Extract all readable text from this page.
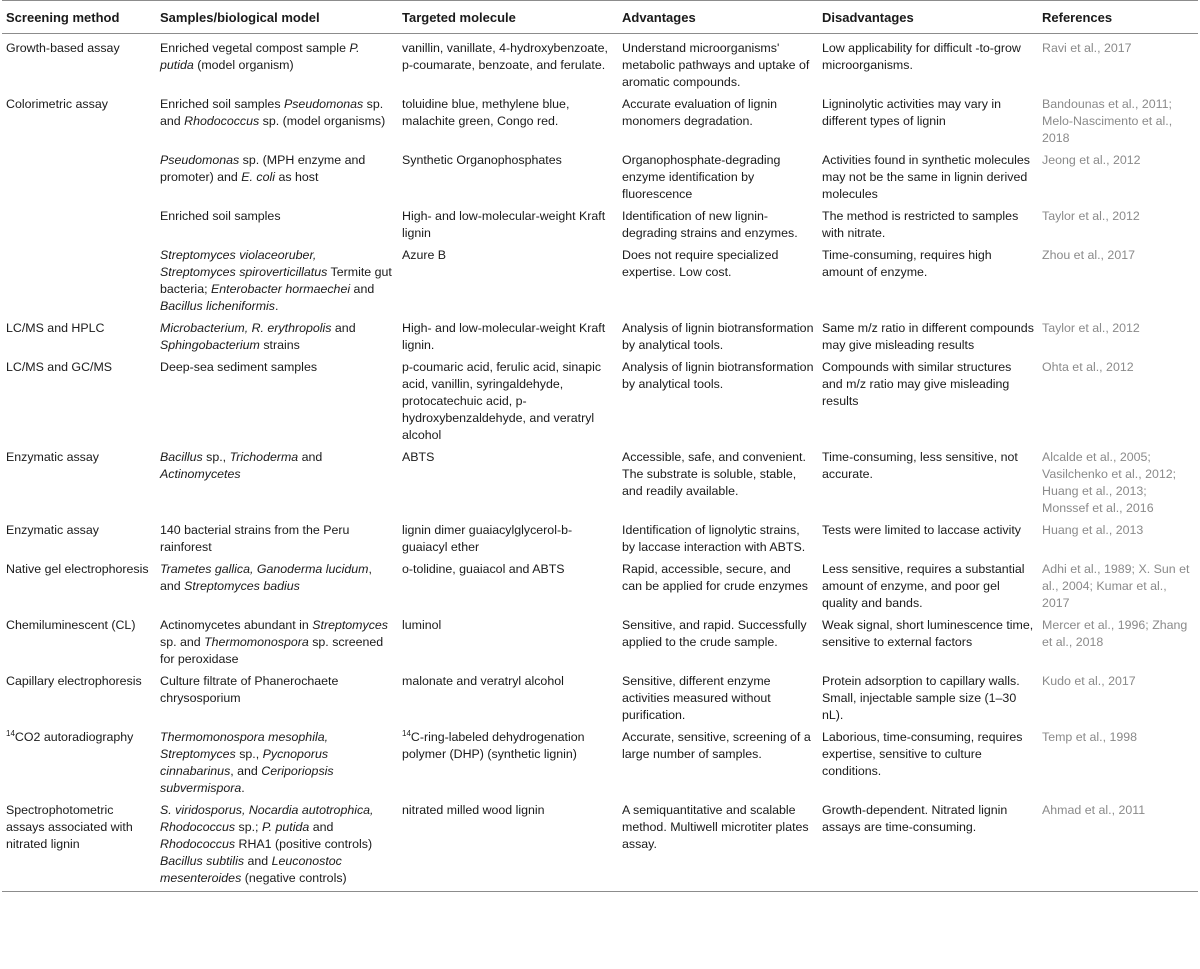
Screening method	Samples/biological model	Targeted molecule	Advantages	Disadvantages	References
Growth-based assay	Enriched vegetal compost sample P. putida (model organism)	vanillin, vanillate, 4-hydroxybenzoate, p-coumarate, benzoate, and ferulate.	Understand microorganisms' metabolic pathways and uptake of aromatic compounds.	Low applicability for difficult -to-grow microorganisms.	Ravi et al., 2017
Colorimetric assay	Enriched soil samples Pseudomonas sp. and Rhodococcus sp. (model organisms)	toluidine blue, methylene blue, malachite green, Congo red.	Accurate evaluation of lignin monomers degradation.	Ligninolytic activities may vary in different types of lignin	Bandounas et al., 2011; Melo-Nascimento et al., 2018
	Pseudomonas sp. (MPH enzyme and promoter) and E. coli as host	Synthetic Organophosphates	Organophosphate-degrading enzyme identification by fluorescence	Activities found in synthetic molecules may not be the same in lignin derived molecules	Jeong et al., 2012
	Enriched soil samples	High- and low-molecular-weight Kraft lignin	Identification of new lignin-degrading strains and enzymes.	The method is restricted to samples with nitrate.	Taylor et al., 2012
	Streptomyces violaceoruber, Streptomyces spiroverticillatus Termite gut bacteria; Enterobacter hormaechei and Bacillus licheniformis.	Azure B	Does not require specialized expertise. Low cost.	Time-consuming, requires high amount of enzyme.	Zhou et al., 2017
LC/MS and HPLC	Microbacterium, R. erythropolis and Sphingobacterium strains	High- and low-molecular-weight Kraft lignin.	Analysis of lignin biotransformation by analytical tools.	Same m/z ratio in different compounds may give misleading results	Taylor et al., 2012
LC/MS and GC/MS	Deep-sea sediment samples	p-coumaric acid, ferulic acid, sinapic acid, vanillin, syringaldehyde, protocatechuic acid, p-hydroxybenzaldehyde, and veratryl alcohol	Analysis of lignin biotransformation by analytical tools.	Compounds with similar structures and m/z ratio may give misleading results	Ohta et al., 2012
Enzymatic assay	Bacillus sp., Trichoderma and Actinomycetes	ABTS	Accessible, safe, and convenient. The substrate is soluble, stable, and readily available.	Time-consuming, less sensitive, not accurate.	Alcalde et al., 2005; Vasilchenko et al., 2012; Huang et al., 2013; Monssef et al., 2016
Enzymatic assay	140 bacterial strains from the Peru rainforest	lignin dimer guaiacylglycerol-b-guaiacyl ether	Identification of lignolytic strains, by laccase interaction with ABTS.	Tests were limited to laccase activity	Huang et al., 2013
Native gel electrophoresis	Trametes gallica, Ganoderma lucidum, and Streptomyces badius	o-tolidine, guaiacol and ABTS	Rapid, accessible, secure, and can be applied for crude enzymes	Less sensitive, requires a substantial amount of enzyme, and poor gel quality and bands.	Adhi et al., 1989; X. Sun et al., 2004; Kumar et al., 2017
Chemiluminescent (CL)	Actinomycetes abundant in Streptomyces sp. and Thermomonospora sp. screened for peroxidase	luminol	Sensitive, and rapid. Successfully applied to the crude sample.	Weak signal, short luminescence time, sensitive to external factors	Mercer et al., 1996; Zhang et al., 2018
Capillary electrophoresis	Culture filtrate of Phanerochaete chrysosporium	malonate and veratryl alcohol	Sensitive, different enzyme activities measured without purification.	Protein adsorption to capillary walls. Small, injectable sample size (1–30 nL).	Kudo et al., 2017
$^{14}$CO2 autoradiography	Thermomonospora mesophila, Streptomyces sp., Pycnoporus cinnabarinus, and Ceriporiopsis subvermispora.	$^{14}$C-ring-labeled dehydrogenation polymer (DHP) (synthetic lignin)	Accurate, sensitive, screening of a large number of samples.	Laborious, time-consuming, requires expertise, sensitive to culture conditions.	Temp et al., 1998
Spectrophotometric assays associated with nitrated lignin	S. viridosporus, Nocardia autotrophica, Rhodococcus sp.; P. putida and Rhodococcus RHA1 (positive controls) Bacillus subtilis and Leuconostoc mesenteroides (negative controls)	nitrated milled wood lignin	A semiquantitative and scalable method. Multiwell microtiter plates assay.	Growth-dependent. Nitrated lignin assays are time-consuming.	Ahmad et al., 2011
